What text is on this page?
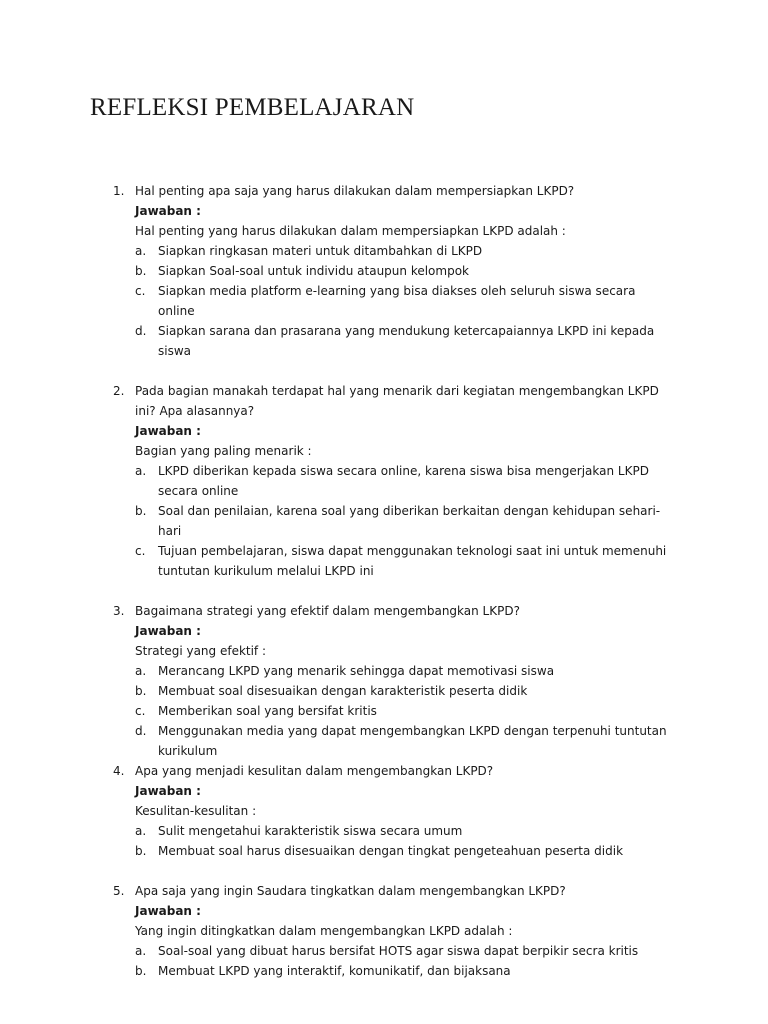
REFLEKSI PEMBELAJARAN
1. Hal penting apa saja yang harus dilakukan dalam mempersiapkan LKPD?
Jawaban :
Hal penting yang harus dilakukan dalam mempersiapkan LKPD adalah :
a. Siapkan ringkasan materi untuk ditambahkan di LKPD
b. Siapkan Soal-soal untuk individu ataupun kelompok
c. Siapkan media platform e-learning yang bisa diakses oleh seluruh siswa secara online
d. Siapkan sarana dan prasarana yang mendukung ketercapaiannya LKPD ini kepada siswa
2. Pada bagian manakah terdapat hal yang menarik dari kegiatan mengembangkan LKPD ini? Apa alasannya?
Jawaban :
Bagian yang paling menarik :
a. LKPD diberikan kepada siswa secara online, karena siswa bisa mengerjakan LKPD secara online
b. Soal dan penilaian, karena soal yang diberikan berkaitan dengan kehidupan sehari-hari
c. Tujuan pembelajaran, siswa dapat menggunakan teknologi saat ini untuk memenuhi tuntutan kurikulum melalui LKPD ini
3. Bagaimana strategi yang efektif dalam mengembangkan LKPD?
Jawaban :
Strategi yang efektif :
a. Merancang LKPD yang menarik sehingga dapat memotivasi siswa
b. Membuat soal disesuaikan dengan karakteristik peserta didik
c. Memberikan soal yang bersifat kritis
d. Menggunakan media yang dapat mengembangkan LKPD dengan terpenuhi tuntutan kurikulum
4. Apa yang menjadi kesulitan dalam mengembangkan LKPD?
Jawaban :
Kesulitan-kesulitan :
a. Sulit mengetahui karakteristik siswa secara umum
b. Membuat soal harus disesuaikan dengan tingkat pengeteahuan peserta didik
5. Apa saja yang ingin Saudara tingkatkan dalam mengembangkan LKPD?
Jawaban :
Yang ingin ditingkatkan dalam mengembangkan LKPD adalah :
a. Soal-soal yang dibuat harus bersifat HOTS agar siswa dapat berpikir secra kritis
b. Membuat LKPD yang interaktif, komunikatif, dan bijaksana
